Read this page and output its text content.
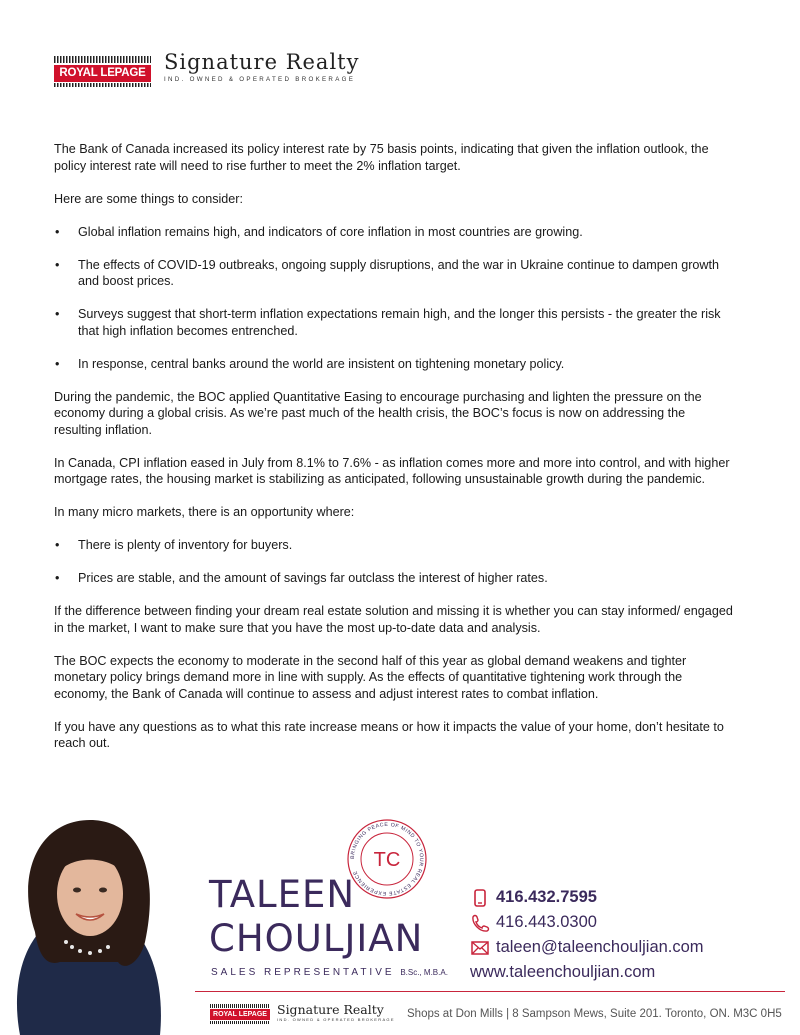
ROYAL LEPAGE Signature Realty
IND. OWNED & OPERATED BROKERAGE

The Bank of Canada increased its policy interest rate by 75 basis points, indicating that given the inflation outlook, the policy interest rate will need to rise further to meet the 2% inflation target.

Here are some things to consider:

• Global inflation remains high, and indicators of core inflation in most countries are growing.
• The effects of COVID-19 outbreaks, ongoing supply disruptions, and the war in Ukraine continue to dampen growth and boost prices.
• Surveys suggest that short-term inflation expectations remain high, and the longer this persists - the greater the risk that high inflation becomes entrenched.
• In response, central banks around the world are insistent on tightening monetary policy.

During the pandemic, the BOC applied Quantitative Easing to encourage purchasing and lighten the pressure on the economy during a global crisis. As we’re past much of the health crisis, the BOC’s focus is now on addressing the resulting inflation.

In Canada, CPI inflation eased in July from 8.1% to 7.6% - as inflation comes more and more into control, and with higher mortgage rates, the housing market is stabilizing as anticipated, following unsustainable growth during the pandemic.

In many micro markets, there is an opportunity where:

• There is plenty of inventory for buyers.
• Prices are stable, and the amount of savings far outclass the interest of higher rates.

If the difference between finding your dream real estate solution and missing it is whether you can stay informed/ engaged in the market, I want to make sure that you have the most up-to-date data and analysis.

The BOC expects the economy to moderate in the second half of this year as global demand weakens and tighter monetary policy brings demand more in line with supply. As the effects of quantitative tightening work through the economy, the Bank of Canada will continue to assess and adjust interest rates to combat inflation.

If you have any questions as to what this rate increase means or how it impacts the value of your home, don’t hesitate to reach out.

BRINGING PEACE OF MIND TO YOUR REAL ESTATE EXPERIENCE
TC
TALEEN
CHOULJIAN
SALES REPRESENTATIVE B.Sc., M.B.A.
416.432.7595
416.443.0300
taleen@taleenchouljian.com
www.taleenchouljian.com
ROYAL LEPAGE Signature Realty
IND. OWNED & OPERATED BROKERAGE Shops at Don Mills | 8 Sampson Mews, Suite 201. Toronto, ON. M3C 0H5
